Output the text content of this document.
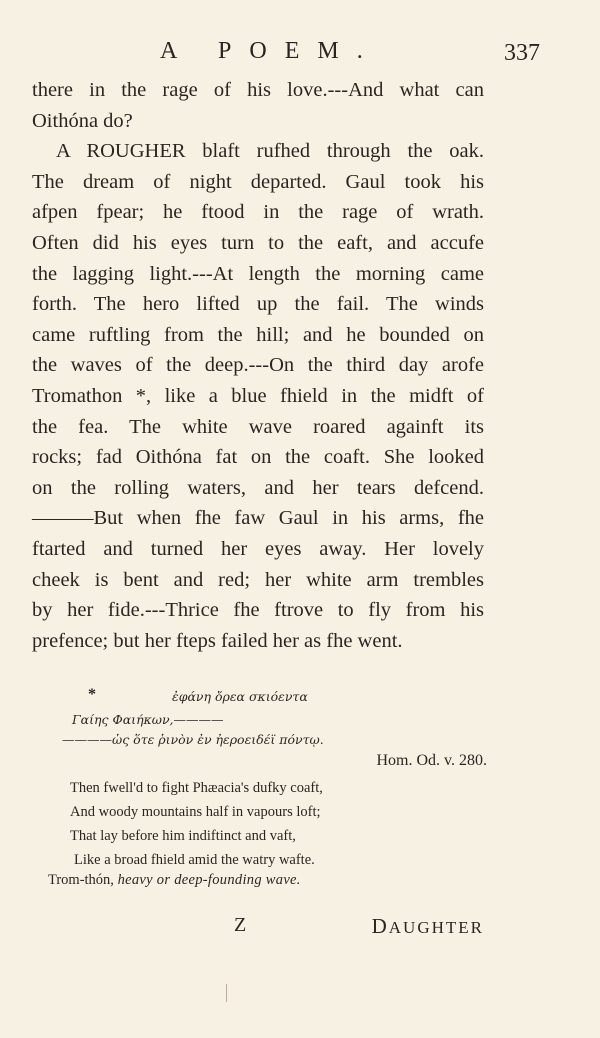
A POEM.	337
there in the rage of his love.---And what can
Oithóna do?
A ROUGHER blaft rufhed through the oak.
The dream of night departed. Gaul took his
afpen fpear; he ftood in the rage of wrath.
Often did his eyes turn to the eaft, and accufe
the lagging light.---At length the morning came
forth. The hero lifted up the fail. The winds
came ruftling from the hill; and he bounded on
the waves of the deep.---On the third day arofe
Tromathon *, like a blue fhield in the midft of
the fea. The white wave roared againft its
rocks; fad Oithóna fat on the coaft. She looked
on the rolling waters, and her tears defcend.
———But when fhe faw Gaul in his arms, fhe
ftarted and turned her eyes away. Her lovely
cheek is bent and red; her white arm trembles
by her fide.---Thrice fhe ftrove to fly from his
prefence; but her fteps failed her as fhe went.
*	ἐφάνη ὄρεα σκιόεντα
Γαίης Φαιήκων,————
————ὡς ὅτε ῥινὸν ἐν ἠεροειδέϊ πόντῳ.
Hom. Od. v. 280.
Then fwell'd to fight Phæacia's dufky coaft,
And woody mountains half in vapours loft;
That lay before him indiftinct and vaft,
Like a broad fhield amid the watry wafte.
Trom-thón, heavy or deep-founding wave.
Z	DAUGHTER
